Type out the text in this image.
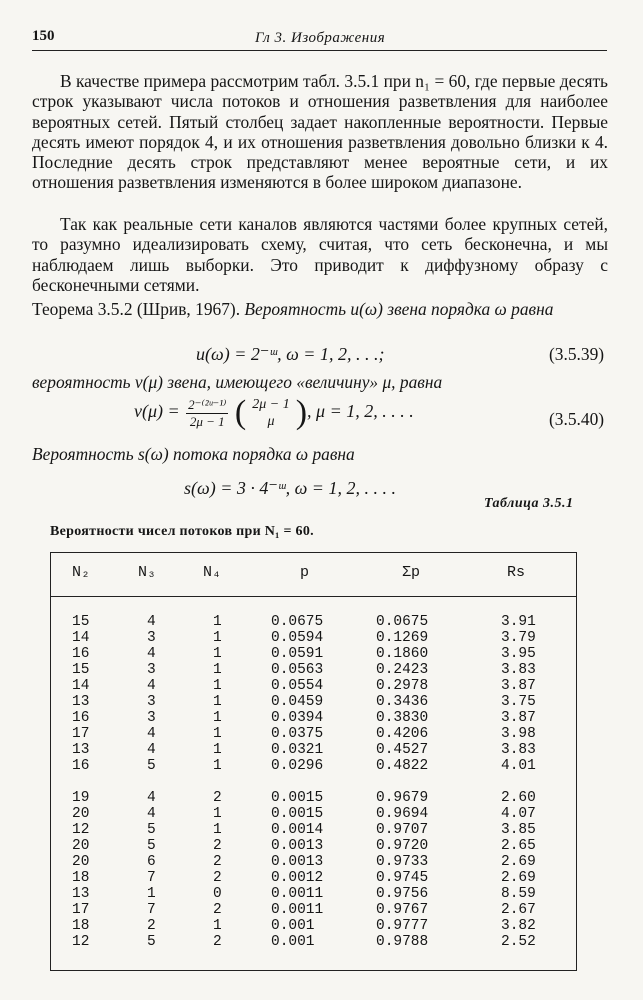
150	Гл 3. Изображения
В качестве примера рассмотрим табл. 3.5.1 при n₁ = 60, где первые десять строк указывают числа потоков и отношения разветвления для наиболее вероятных сетей. Пятый столбец задает накопленные вероятности. Первые десять имеют порядок 4, и их отношения разветвления довольно близки к 4. Последние десять строк представляют менее вероятные сети, и их отношения разветвления изменяются в более широком диапазоне.
Так как реальные сети каналов являются частями более крупных сетей, то разумно идеализировать схему, считая, что сеть бесконечна, и мы наблюдаем лишь выборки. Это приводит к диффузному образу с бесконечными сетями.
Теорема 3.5.2 (Шрив, 1967). Вероятность u(ω) звена порядка ω равна
u(ω) = 2⁻ᵚ, ω = 1, 2, . . .;	(3.5.39)
вероятность v(μ) звена, имеющего «величину» μ, равна
$v(\mu) = \frac{\text{2⁻⁽²ᵘ⁻¹⁾}}{2\mu - 1}$ ( 2μ − 1
μ ), μ = 1, 2, . . . .	(3.5.40)
Вероятность s(ω) потока порядка ω равна
s(ω) = 3 · 4⁻ᵚ, ω = 1, 2, . . . .
Таблица 3.5.1
Вероятности чисел потоков при N₁ = 60.
N₂	N₃	N₄	p	Σp	Rs
15	4	1	0.0675	0.0675	3.91
14	3	1	0.0594	0.1269	3.79
16	4	1	0.0591	0.1860	3.95
15	3	1	0.0563	0.2423	3.83
14	4	1	0.0554	0.2978	3.87
13	3	1	0.0459	0.3436	3.75
16	3	1	0.0394	0.3830	3.87
17	4	1	0.0375	0.4206	3.98
13	4	1	0.0321	0.4527	3.83
16	5	1	0.0296	0.4822	4.01
19	4	2	0.0015	0.9679	2.60
20	4	1	0.0015	0.9694	4.07
12	5	1	0.0014	0.9707	3.85
20	5	2	0.0013	0.9720	2.65
20	6	2	0.0013	0.9733	2.69
18	7	2	0.0012	0.9745	2.69
13	1	0	0.0011	0.9756	8.59
17	7	2	0.0011	0.9767	2.67
18	2	1	0.001	0.9777	3.82
12	5	2	0.001	0.9788	2.52
